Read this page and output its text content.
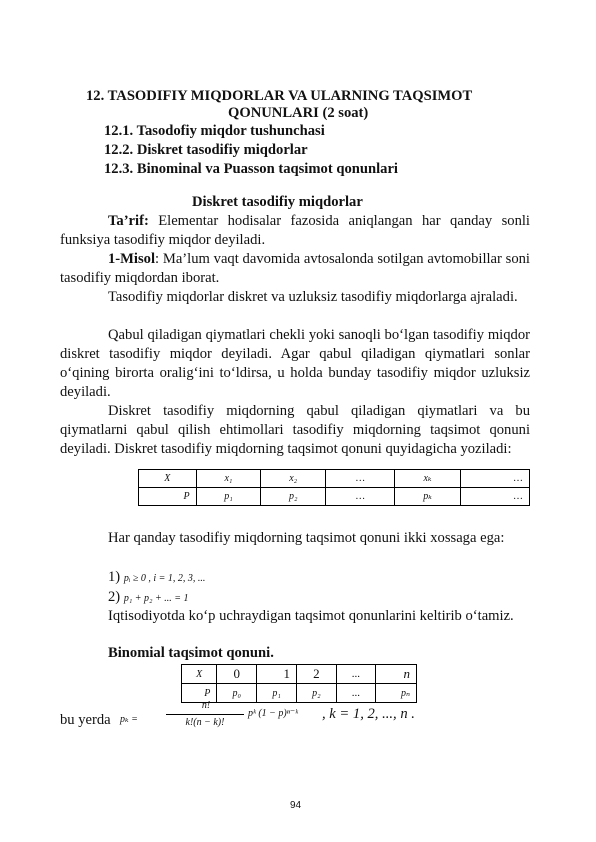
12. TASODIFIY MIQDORLAR VA ULARNING TAQSIMOT
QONUNLARI (2 soat)
12.1. Tasodofiy miqdor tushunchasi
12.2. Diskret tasodifiy miqdorlar
12.3. Binominal va Puasson taqsimot qonunlari
Diskret tasodifiy miqdorlar
Ta’rif: Elementar hodisalar fazosida aniqlangan har qanday sonli funksiya tasodifiy miqdor deyiladi.
1-Misol: Ma’lum vaqt davomida avtosalonda sotilgan avtomobillar soni tasodifiy miqdordan iborat.
Tasodifiy miqdorlar diskret va uzluksiz tasodifiy miqdorlarga ajraladi.
Qabul qiladigan qiymatlari chekli yoki sanoqli bo‘lgan tasodifiy miqdor diskret tasodifiy miqdor deyiladi. Agar qabul qiladigan qiymatlari sonlar o‘qining birorta oralig‘ini to‘ldirsa, u holda bunday tasodifiy miqdor uzluksiz deyiladi.
Diskret tasodifiy miqdorning qabul qiladigan qiymatlari va bu qiymatlarni qabul qilish ehtimollari tasodifiy miqdorning taqsimot qonuni deyiladi. Diskret tasodifiy miqdorning taqsimot qonuni quyidagicha yoziladi:
X	x₁	x₂	…	xₖ	…
P	p₁	p₂	…	pₖ	…
Har qanday tasodifiy miqdorning taqsimot qonuni ikki xossaga ega:
1) pᵢ ≥ 0 , i = 1, 2, 3, ...
2) p₁ + p₂ + ... = 1
Iqtisodiyotda ko‘p uchraydigan taqsimot qonunlarini keltirib o‘tamiz.
Binomial taqsimot qonuni.
X	0	1	2	...	n
P	p₀	p₁	p₂	...	pₙ
bu yerda pₖ =
n!
k!(n − k)!
pᵏ (1 − p)ⁿ⁻ᵏ , k = 1, 2, ..., n .
94
